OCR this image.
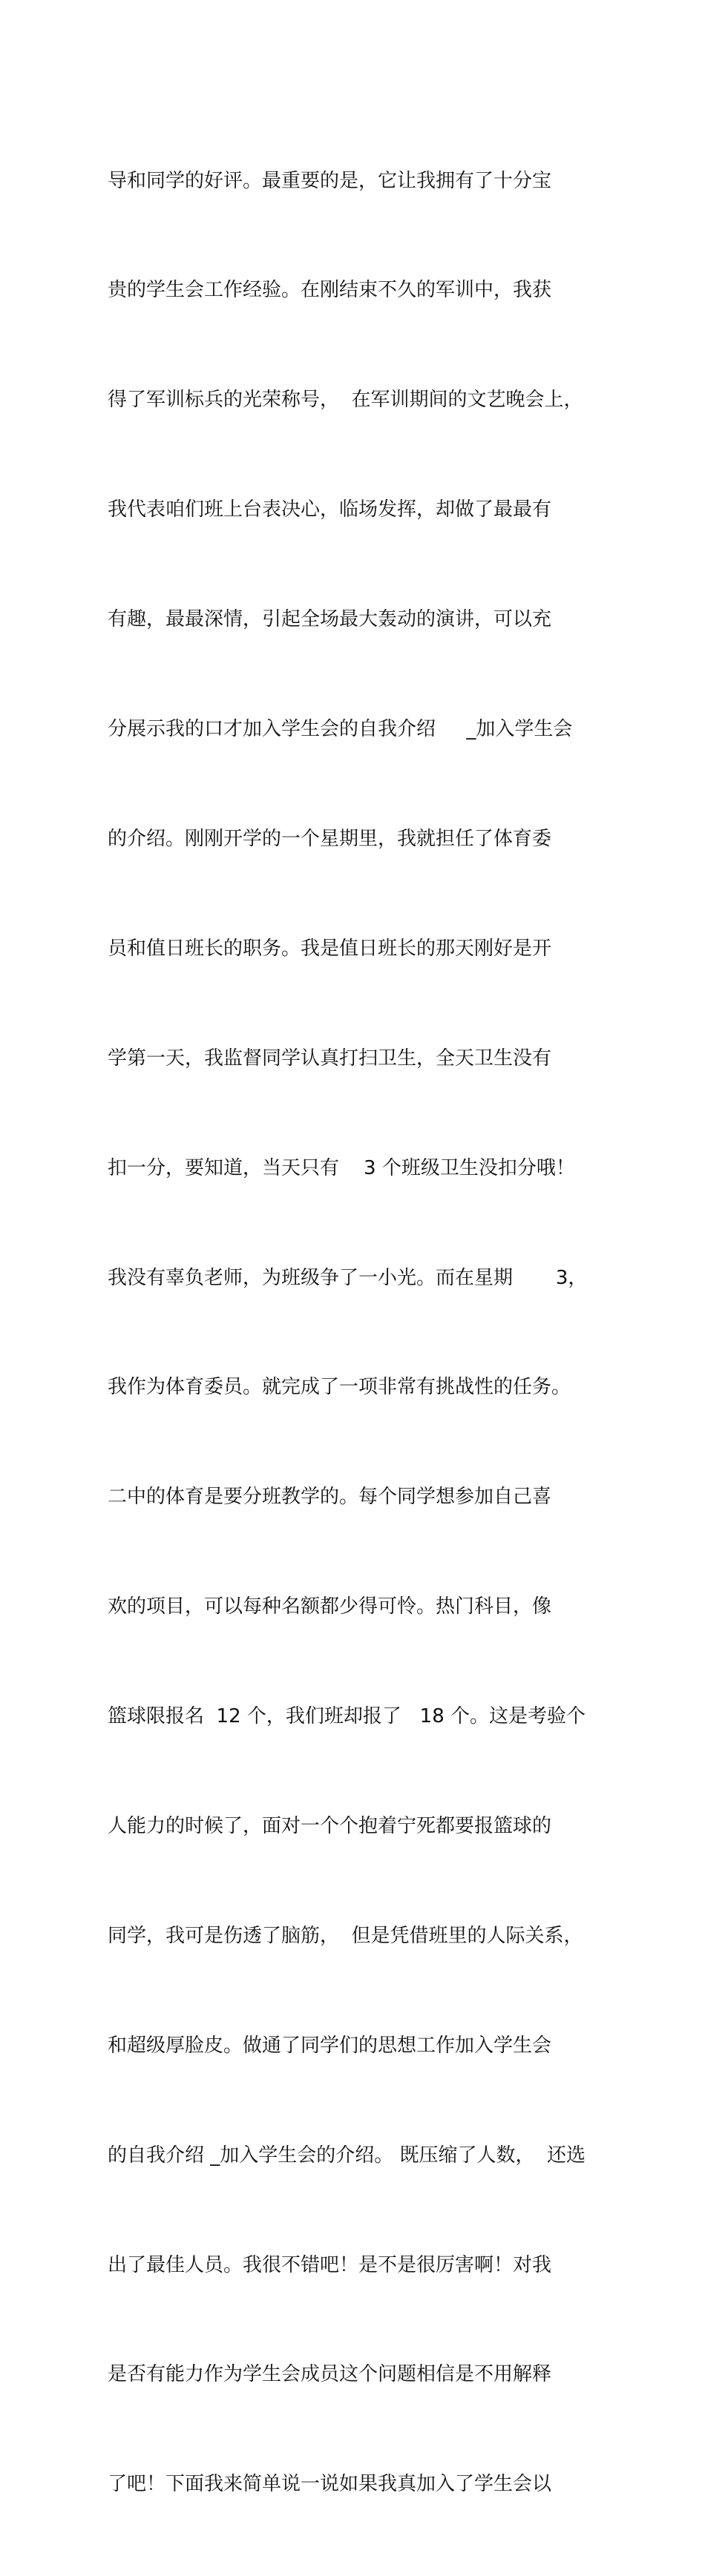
导和同学的好评。最重要的是，它让我拥有了十分宝

贵的学生会工作经验。在刚结束不久的军训中，我获

得了军训标兵的光荣称号，  在军训期间的文艺晚会上，

我代表咱们班上台表决心，临场发挥，却做了最最有

有趣，最最深情，引起全场最大轰动的演讲，可以充

分展示我的口才加入学生会的自我介绍     _加入学生会

的介绍。刚刚开学的一个星期里，我就担任了体育委

员和值日班长的职务。我是值日班长的那天刚好是开

学第一天，我监督同学认真打扫卫生，全天卫生没有

扣一分，要知道，当天只有    3 个班级卫生没扣分哦！

我没有辜负老师，为班级争了一小光。而在星期       3，

我作为体育委员。就完成了一项非常有挑战性的任务。

二中的体育是要分班教学的。每个同学想参加自己喜

欢的项目，可以每种名额都少得可怜。热门科目，像

篮球限报名  12 个，我们班却报了   18 个。这是考验个

人能力的时候了，面对一个个抱着宁死都要报篮球的

同学，我可是伤透了脑筋，  但是凭借班里的人际关系，

和超级厚脸皮。做通了同学们的思想工作加入学生会

的自我介绍 _加入学生会的介绍。 既压缩了人数，  还选

出了最佳人员。我很不错吧！是不是很厉害啊！对我

是否有能力作为学生会成员这个问题相信是不用解释

了吧！下面我来简单说一说如果我真加入了学生会以
